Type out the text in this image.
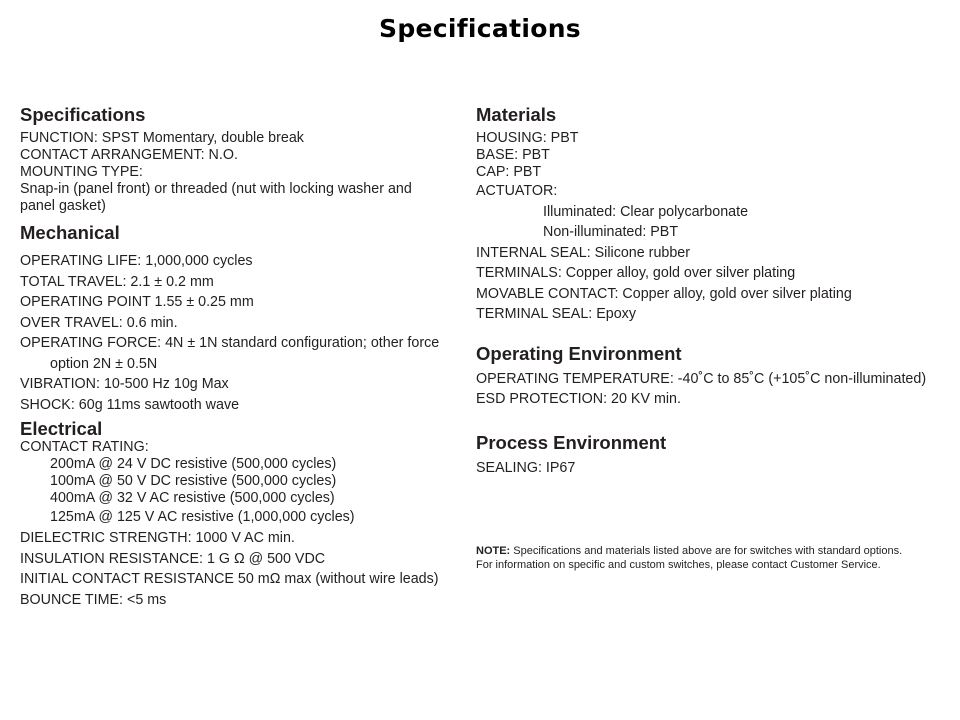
Specifications
Specifications
FUNCTION: SPST Momentary, double break
CONTACT ARRANGEMENT: N.O.
MOUNTING TYPE:
Snap-in (panel front) or threaded (nut with locking washer and
panel gasket)
Mechanical
OPERATING LIFE: 1,000,000 cycles
TOTAL TRAVEL: 2.1 ± 0.2 mm
OPERATING POINT 1.55 ± 0.25 mm
OVER TRAVEL: 0.6 min.
OPERATING FORCE: 4N ± 1N standard configuration; other force
option 2N ± 0.5N
VIBRATION: 10-500 Hz 10g Max
SHOCK: 60g 11ms sawtooth wave
Electrical
CONTACT RATING:
200mA @ 24 V DC resistive (500,000 cycles)
100mA @ 50 V DC resistive (500,000 cycles)
400mA @ 32 V AC resistive (500,000 cycles)
125mA @ 125 V AC resistive (1,000,000 cycles)
DIELECTRIC STRENGTH: 1000 V AC min.
INSULATION RESISTANCE: 1 G Ω @ 500 VDC
INITIAL CONTACT RESISTANCE 50 mΩ max (without wire leads)
BOUNCE TIME: <5 ms
Materials
HOUSING: PBT
BASE: PBT
CAP: PBT
ACTUATOR:
Illuminated: Clear polycarbonate
Non-illuminated: PBT
INTERNAL SEAL: Silicone rubber
TERMINALS: Copper alloy, gold over silver plating
MOVABLE CONTACT: Copper alloy, gold over silver plating
TERMINAL SEAL: Epoxy
Operating Environment
OPERATING TEMPERATURE: -40˚C to 85˚C (+105˚C non-illuminated)
ESD PROTECTION: 20 KV min.
Process Environment
SEALING: IP67
NOTE: Specifications and materials listed above are for switches with standard options.
For information on specific and custom switches, please contact Customer Service.
